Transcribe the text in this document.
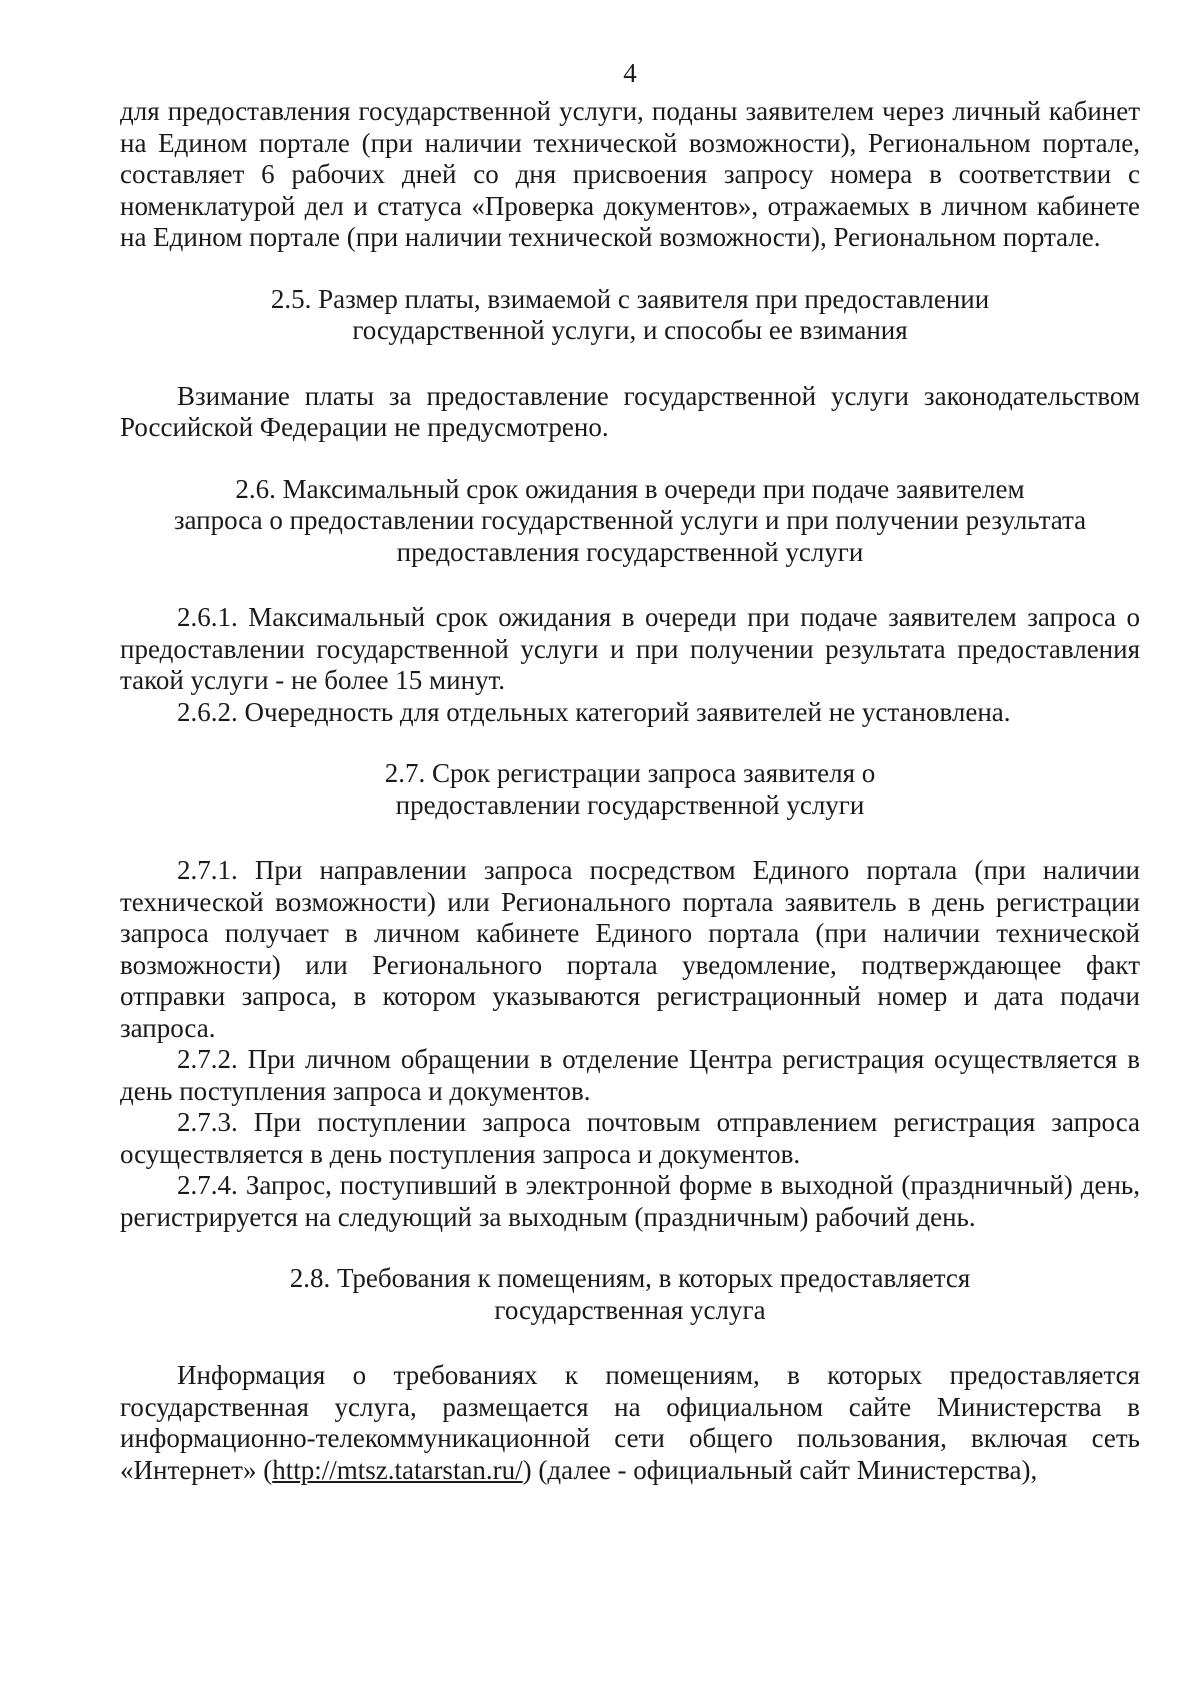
4

для предоставления государственной услуги, поданы заявителем через личный кабинет на Едином портале (при наличии технической возможности), Региональном портале, составляет 6 рабочих дней со дня присвоения запросу номера в соответствии с номенклатурой дел и статуса «Проверка документов», отражаемых в личном кабинете на Едином портале (при наличии технической возможности), Региональном портале.

2.5. Размер платы, взимаемой с заявителя при предоставлении
государственной услуги, и способы ее взимания

Взимание платы за предоставление государственной услуги законодательством Российской Федерации не предусмотрено.

2.6. Максимальный срок ожидания в очереди при подаче заявителем
запроса о предоставлении государственной услуги и при получении результата
предоставления государственной услуги

2.6.1. Максимальный срок ожидания в очереди при подаче заявителем запроса о предоставлении государственной услуги и при получении результата предоставления такой услуги - не более 15 минут.

2.6.2. Очередность для отдельных категорий заявителей не установлена.

2.7. Срок регистрации запроса заявителя о
предоставлении государственной услуги

2.7.1. При направлении запроса посредством Единого портала (при наличии технической возможности) или Регионального портала заявитель в день регистрации запроса получает в личном кабинете Единого портала (при наличии технической возможности) или Регионального портала уведомление, подтверждающее факт отправки запроса, в котором указываются регистрационный номер и дата подачи запроса.

2.7.2. При личном обращении в отделение Центра регистрация осуществляется в день поступления запроса и документов.

2.7.3. При поступлении запроса почтовым отправлением регистрация запроса осуществляется в день поступления запроса и документов.

2.7.4. Запрос, поступивший в электронной форме в выходной (праздничный) день, регистрируется на следующий за выходным (праздничным) рабочий день.

2.8. Требования к помещениям, в которых предоставляется
государственная услуга

Информация о требованиях к помещениям, в которых предоставляется государственная услуга, размещается на официальном сайте Министерства в информационно-телекоммуникационной сети общего пользования, включая сеть «Интернет» (http://mtsz.tatarstan.ru/) (далее - официальный сайт Министерства),
